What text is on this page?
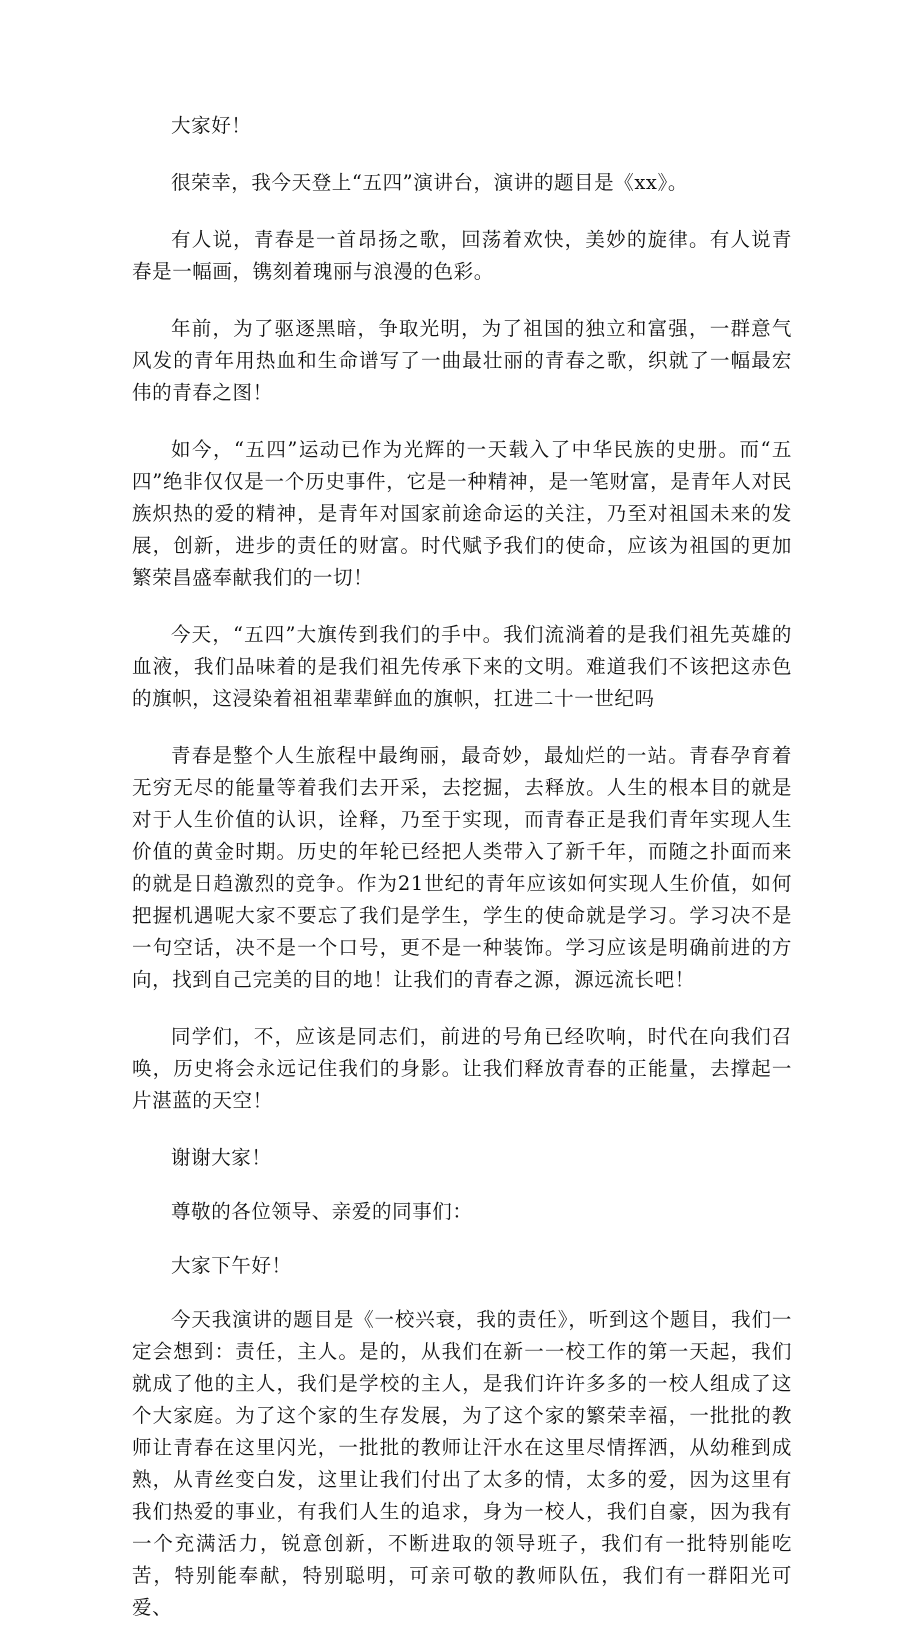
大家好！

很荣幸，我今天登上“五四”演讲台，演讲的题目是《xx》。

有人说，青春是一首昂扬之歌，回荡着欢快，美妙的旋律。有人说青春是一幅画，镌刻着瑰丽与浪漫的色彩。

年前，为了驱逐黑暗，争取光明，为了祖国的独立和富强，一群意气风发的青年用热血和生命谱写了一曲最壮丽的青春之歌，织就了一幅最宏伟的青春之图！

如今，“五四”运动已作为光辉的一天载入了中华民族的史册。而“五四”绝非仅仅是一个历史事件，它是一种精神，是一笔财富，是青年人对民族炽热的爱的精神，是青年对国家前途命运的关注，乃至对祖国未来的发展，创新，进步的责任的财富。时代赋予我们的使命，应该为祖国的更加繁荣昌盛奉献我们的一切！

今天，“五四”大旗传到我们的手中。我们流淌着的是我们祖先英雄的血液，我们品味着的是我们祖先传承下来的文明。难道我们不该把这赤色的旗帜，这浸染着祖祖辈辈鲜血的旗帜，扛进二十一世纪吗

青春是整个人生旅程中最绚丽，最奇妙，最灿烂的一站。青春孕育着无穷无尽的能量等着我们去开采，去挖掘，去释放。人生的根本目的就是对于人生价值的认识，诠释，乃至于实现，而青春正是我们青年实现人生价值的黄金时期。历史的年轮已经把人类带入了新千年，而随之扑面而来的就是日趋激烈的竞争。作为21世纪的青年应该如何实现人生价值，如何把握机遇呢大家不要忘了我们是学生，学生的使命就是学习。学习决不是一句空话，决不是一个口号，更不是一种装饰。学习应该是明确前进的方向，找到自己完美的目的地！让我们的青春之源，源远流长吧！

同学们，不，应该是同志们，前进的号角已经吹响，时代在向我们召唤，历史将会永远记住我们的身影。让我们释放青春的正能量，去撑起一片湛蓝的天空！

谢谢大家！

尊敬的各位领导、亲爱的同事们：

大家下午好！

今天我演讲的题目是《一校兴衰，我的责任》，听到这个题目，我们一定会想到：责任，主人。是的，从我们在新一一校工作的第一天起，我们就成了他的主人，我们是学校的主人，是我们许许多多的一校人组成了这个大家庭。为了这个家的生存发展，为了这个家的繁荣幸福，一批批的教师让青春在这里闪光，一批批的教师让汗水在这里尽情挥洒，从幼稚到成熟，从青丝变白发，这里让我们付出了太多的情，太多的爱，因为这里有我们热爱的事业，有我们人生的追求，身为一校人，我们自豪，因为我有一个充满活力，锐意创新，不断进取的领导班子，我们有一批特别能吃苦，特别能奉献，特别聪明，可亲可敬的教师队伍，我们有一群阳光可爱、
